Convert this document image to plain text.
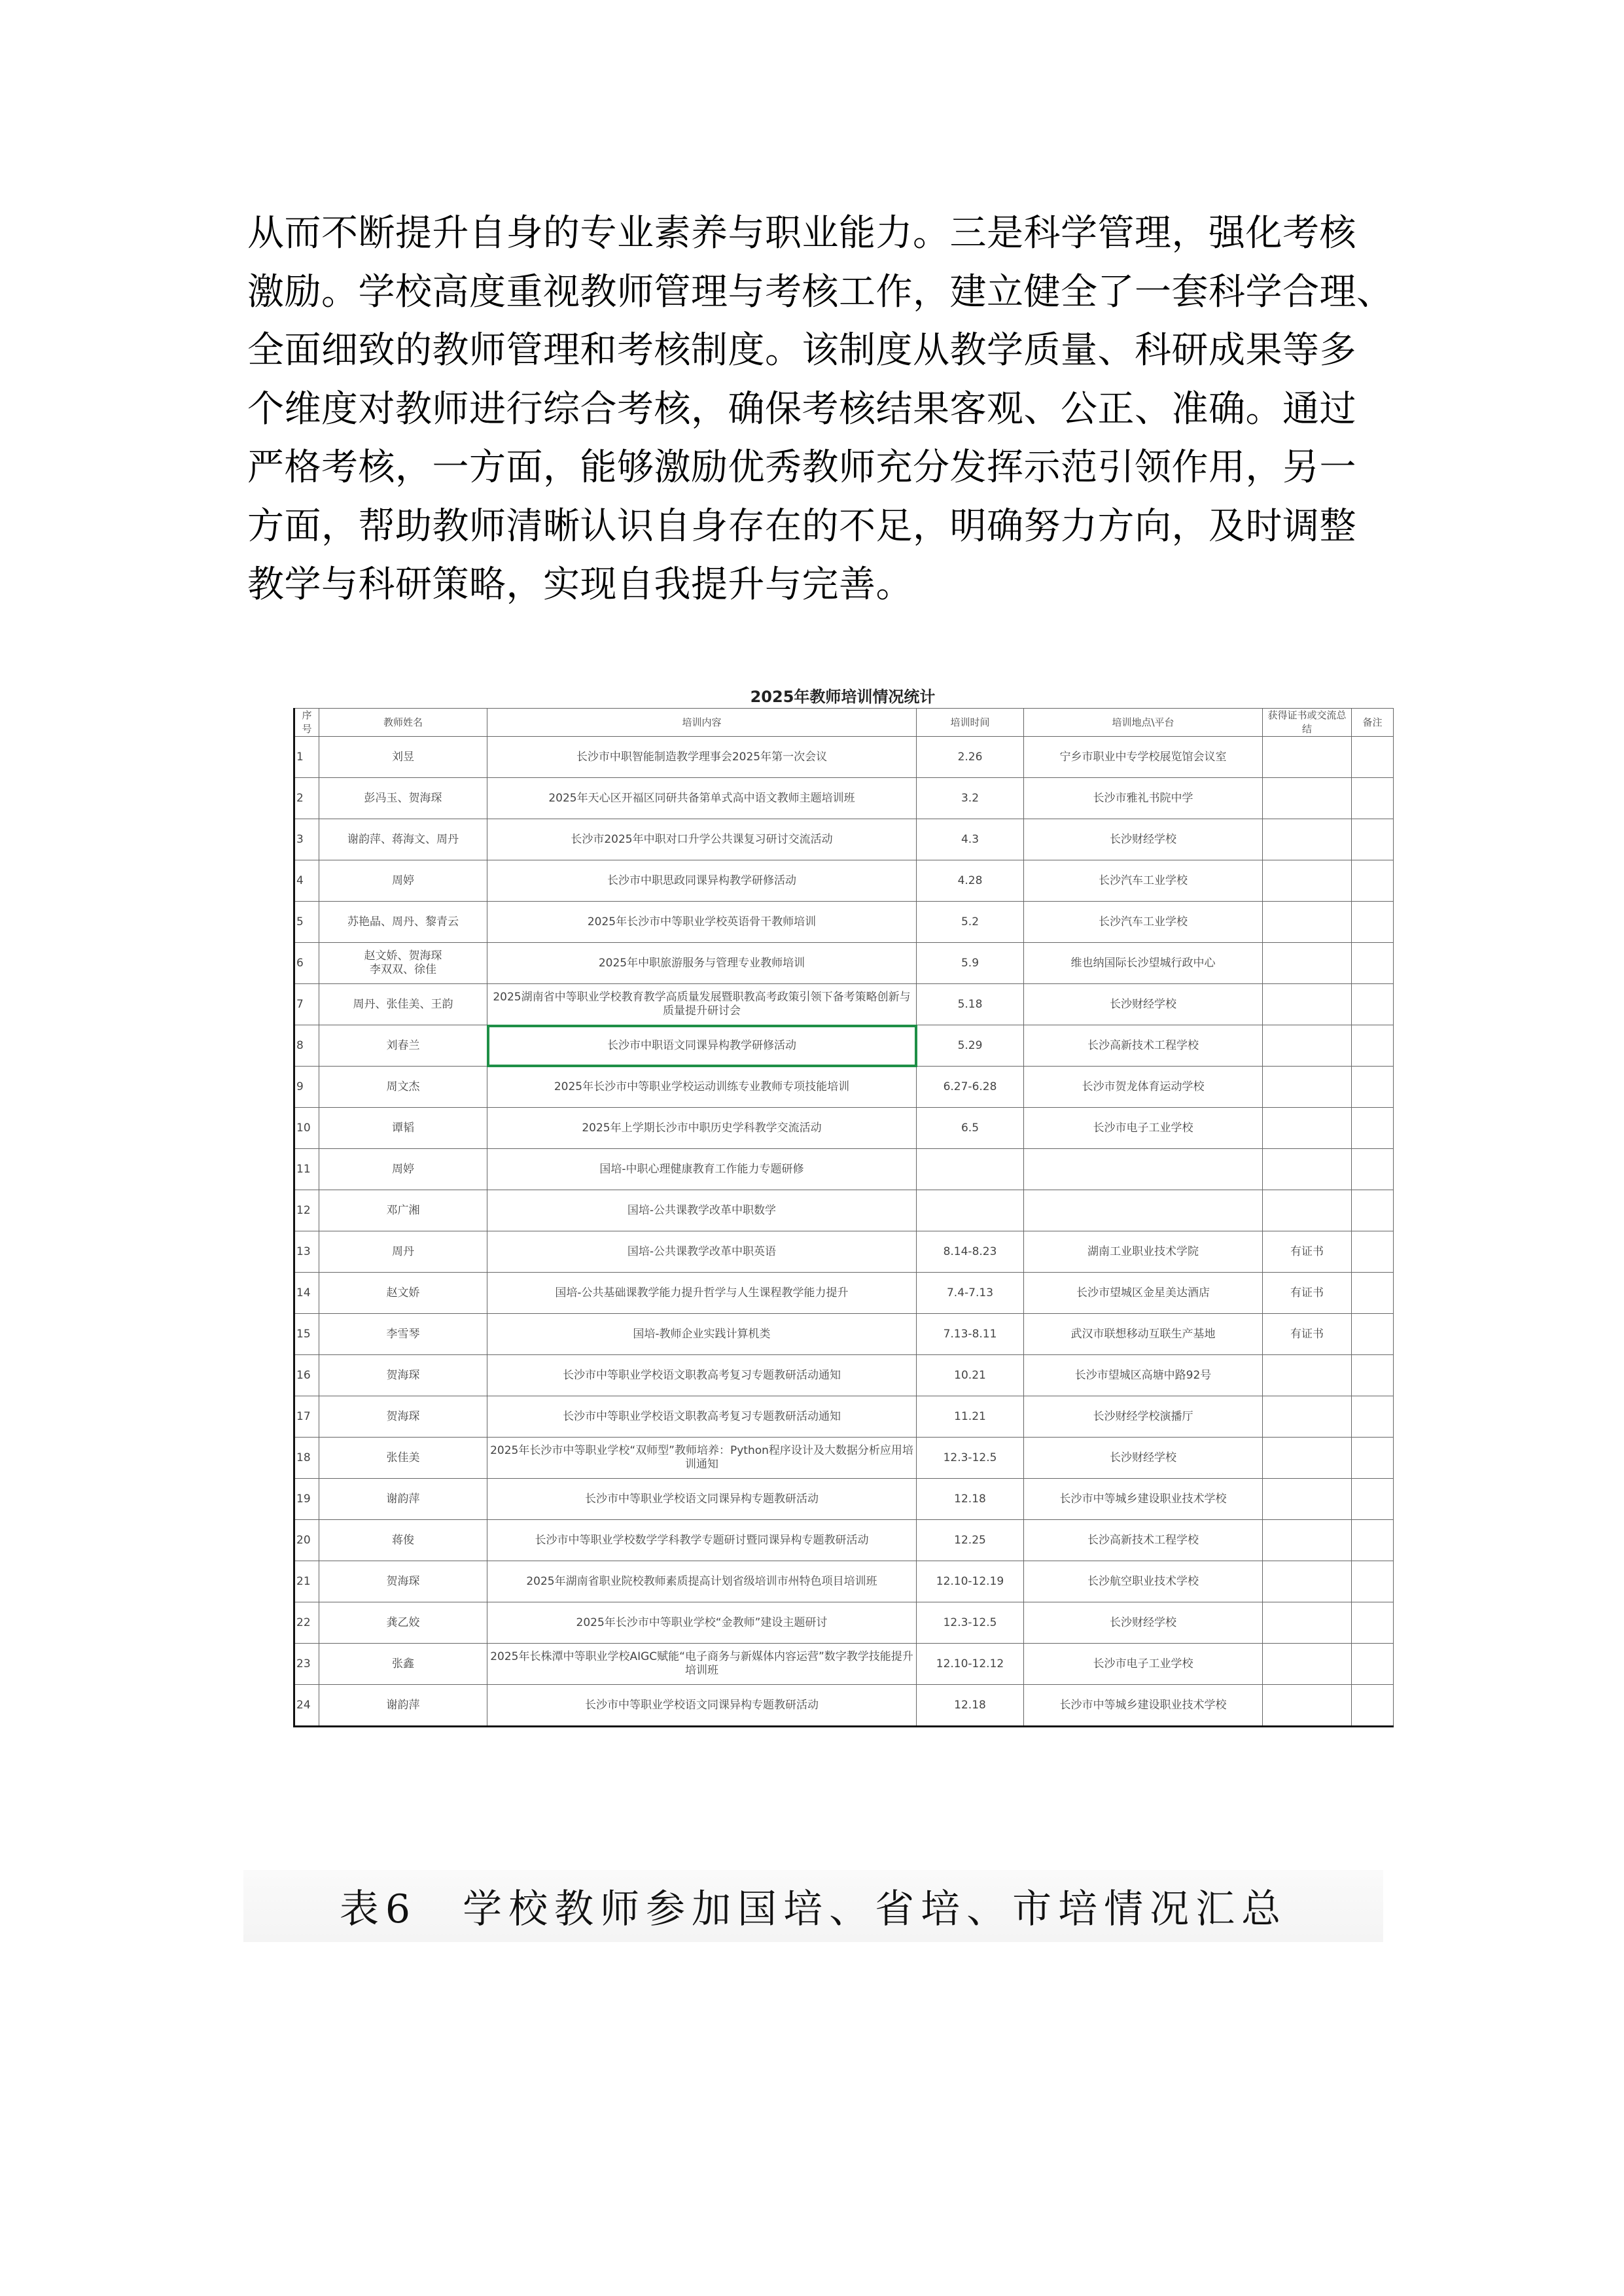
从而不断提升自身的专业素养与职业能力。三是科学管理，强化考核
激励。学校高度重视教师管理与考核工作，建立健全了一套科学合理、
全面细致的教师管理和考核制度。该制度从教学质量、科研成果等多
个维度对教师进行综合考核，确保考核结果客观、公正、准确。通过
严格考核，一方面，能够激励优秀教师充分发挥示范引领作用，另一
方面，帮助教师清晰认识自身存在的不足，明确努力方向，及时调整
教学与科研策略，实现自我提升与完善。
2025年教师培训情况统计
序号	教师姓名	培训内容	培训时间	培训地点\平台	获得证书或交流总结	备注
1	刘昱	长沙市中职智能制造教学理事会2025年第一次会议	2.26	宁乡市职业中专学校展览馆会议室		
2	彭冯玉、贺海琛	2025年天心区开福区同研共备第单式高中语文教师主题培训班	3.2	长沙市雅礼书院中学		
3	谢韵萍、蒋海文、周丹	长沙市2025年中职对口升学公共课复习研讨交流活动	4.3	长沙财经学校		
4	周婷	长沙市中职思政同课异构教学研修活动	4.28	长沙汽车工业学校		
5	苏艳晶、周丹、黎青云	2025年长沙市中等职业学校英语骨干教师培训	5.2	长沙汽车工业学校		
6	赵文娇、贺海琛
李双双、徐佳	2025年中职旅游服务与管理专业教师培训	5.9	维也纳国际长沙望城行政中心		
7	周丹、张佳美、王韵	2025湖南省中等职业学校教育教学高质量发展暨职教高考政策引领下备考策略创新与质量提升研讨会	5.18	长沙财经学校		
8	刘春兰	长沙市中职语文同课异构教学研修活动	5.29	长沙高新技术工程学校		
9	周文杰	2025年长沙市中等职业学校运动训练专业教师专项技能培训	6.27-6.28	长沙市贺龙体育运动学校		
10	谭韬	2025年上学期长沙市中职历史学科教学交流活动	6.5	长沙市电子工业学校		
11	周婷	国培-中职心理健康教育工作能力专题研修				
12	邓广湘	国培-公共课教学改革中职数学				
13	周丹	国培-公共课教学改革中职英语	8.14-8.23	湖南工业职业技术学院	有证书	
14	赵文娇	国培-公共基础课教学能力提升哲学与人生课程教学能力提升	7.4-7.13	长沙市望城区金星美达酒店	有证书	
15	李雪琴	国培-教师企业实践计算机类	7.13-8.11	武汉市联想移动互联生产基地	有证书	
16	贺海琛	长沙市中等职业学校语文职教高考复习专题教研活动通知	10.21	长沙市望城区高塘中路92号		
17	贺海琛	长沙市中等职业学校语文职教高考复习专题教研活动通知	11.21	长沙财经学校演播厅		
18	张佳美	2025年长沙市中等职业学校“双师型”教师培养：Python程序设计及大数据分析应用培训通知	12.3-12.5	长沙财经学校		
19	谢韵萍	长沙市中等职业学校语文同课异构专题教研活动	12.18	长沙市中等城乡建设职业技术学校		
20	蒋俊	长沙市中等职业学校数学学科教学专题研讨暨同课异构专题教研活动	12.25	长沙高新技术工程学校		
21	贺海琛	2025年湖南省职业院校教师素质提高计划省级培训市州特色项目培训班	12.10-12.19	长沙航空职业技术学校		
22	龚乙姣	2025年长沙市中等职业学校“金教师”建设主题研讨	12.3-12.5	长沙财经学校		
23	张鑫	2025年长株潭中等职业学校AIGC赋能“电子商务与新媒体内容运营”数字教学技能提升培训班	12.10-12.12	长沙市电子工业学校		
24	谢韵萍	长沙市中等职业学校语文同课异构专题教研活动	12.18	长沙市中等城乡建设职业技术学校		
表6　学校教师参加国培、省培、市培情况汇总
